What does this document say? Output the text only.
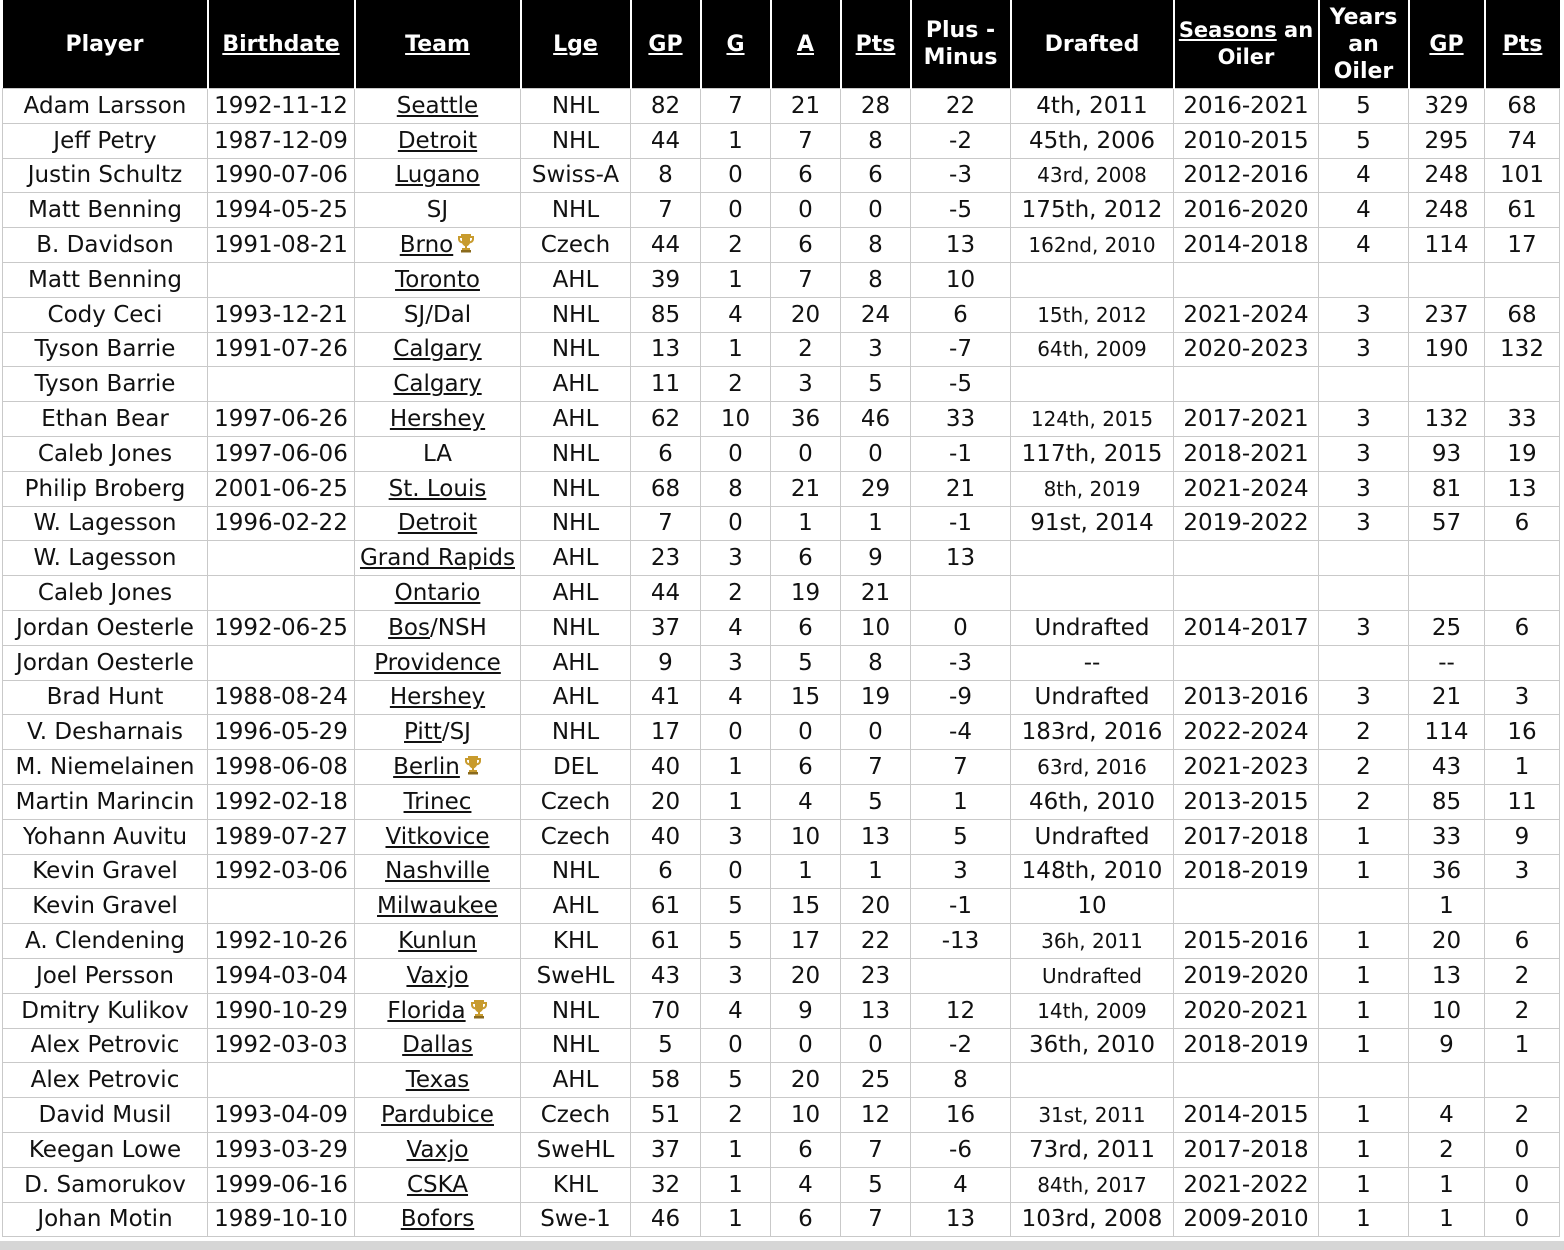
Player	Birthdate	Team	Lge	GP	G	A	Pts	Plus - Minus	Drafted	Seasons an Oiler	Years an Oiler	GP	Pts
Adam Larsson	1992-11-12	Seattle	NHL	82	7	21	28	22	4th, 2011	2016-2021	5	329	68
Jeff Petry	1987-12-09	Detroit	NHL	44	1	7	8	-2	45th, 2006	2010-2015	5	295	74
Justin Schultz	1990-07-06	Lugano	Swiss-A	8	0	6	6	-3	43rd, 2008	2012-2016	4	248	101
Matt Benning	1994-05-25	SJ	NHL	7	0	0	0	-5	175th, 2012	2016-2020	4	248	61
B. Davidson	1991-08-21	Brno	Czech	44	2	6	8	13	162nd, 2010	2014-2018	4	114	17
Matt Benning		Toronto	AHL	39	1	7	8	10					
Cody Ceci	1993-12-21	SJ/Dal	NHL	85	4	20	24	6	15th, 2012	2021-2024	3	237	68
Tyson Barrie	1991-07-26	Calgary	NHL	13	1	2	3	-7	64th, 2009	2020-2023	3	190	132
Tyson Barrie		Calgary	AHL	11	2	3	5	-5					
Ethan Bear	1997-06-26	Hershey	AHL	62	10	36	46	33	124th, 2015	2017-2021	3	132	33
Caleb Jones	1997-06-06	LA	NHL	6	0	0	0	-1	117th, 2015	2018-2021	3	93	19
Philip Broberg	2001-06-25	St. Louis	NHL	68	8	21	29	21	8th, 2019	2021-2024	3	81	13
W. Lagesson	1996-02-22	Detroit	NHL	7	0	1	1	-1	91st, 2014	2019-2022	3	57	6
W. Lagesson		Grand Rapids	AHL	23	3	6	9	13					
Caleb Jones		Ontario	AHL	44	2	19	21						
Jordan Oesterle	1992-06-25	Bos/NSH	NHL	37	4	6	10	0	Undrafted	2014-2017	3	25	6
Jordan Oesterle		Providence	AHL	9	3	5	8	-3	--			--	
Brad Hunt	1988-08-24	Hershey	AHL	41	4	15	19	-9	Undrafted	2013-2016	3	21	3
V. Desharnais	1996-05-29	Pitt/SJ	NHL	17	0	0	0	-4	183rd, 2016	2022-2024	2	114	16
M. Niemelainen	1998-06-08	Berlin	DEL	40	1	6	7	7	63rd, 2016	2021-2023	2	43	1
Martin Marincin	1992-02-18	Trinec	Czech	20	1	4	5	1	46th, 2010	2013-2015	2	85	11
Yohann Auvitu	1989-07-27	Vitkovice	Czech	40	3	10	13	5	Undrafted	2017-2018	1	33	9
Kevin Gravel	1992-03-06	Nashville	NHL	6	0	1	1	3	148th, 2010	2018-2019	1	36	3
Kevin Gravel		Milwaukee	AHL	61	5	15	20	-1	10			1	
A. Clendening	1992-10-26	Kunlun	KHL	61	5	17	22	-13	36h, 2011	2015-2016	1	20	6
Joel Persson	1994-03-04	Vaxjo	SweHL	43	3	20	23		Undrafted	2019-2020	1	13	2
Dmitry Kulikov	1990-10-29	Florida	NHL	70	4	9	13	12	14th, 2009	2020-2021	1	10	2
Alex Petrovic	1992-03-03	Dallas	NHL	5	0	0	0	-2	36th, 2010	2018-2019	1	9	1
Alex Petrovic		Texas	AHL	58	5	20	25	8					
David Musil	1993-04-09	Pardubice	Czech	51	2	10	12	16	31st, 2011	2014-2015	1	4	2
Keegan Lowe	1993-03-29	Vaxjo	SweHL	37	1	6	7	-6	73rd, 2011	2017-2018	1	2	0
D. Samorukov	1999-06-16	CSKA	KHL	32	1	4	5	4	84th, 2017	2021-2022	1	1	0
Johan Motin	1989-10-10	Bofors	Swe-1	46	1	6	7	13	103rd, 2008	2009-2010	1	1	0
